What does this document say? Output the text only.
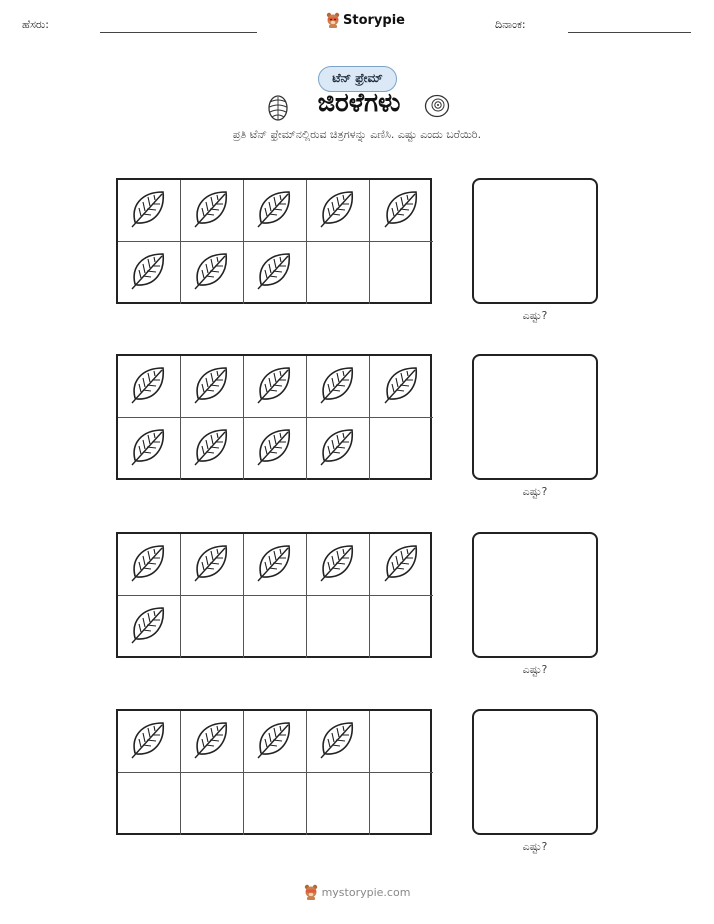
ಹೆಸರು:	Storypie	ದಿನಾಂಕ:
ಟೆನ್ ಫ್ರೇಮ್
ಜಿರಳೆಗಳು
ಪ್ರತಿ ಟೆನ್ ಫ್ರೇಮ್‌ನಲ್ಲಿರುವ ಚಿತ್ರಗಳನ್ನು ಎಣಿಸಿ. ಎಷ್ಟು ಎಂದು ಬರೆಯಿರಿ.
ಎಷ್ಟು?
ಎಷ್ಟು?
ಎಷ್ಟು?
ಎಷ್ಟು?
mystorypie.com
